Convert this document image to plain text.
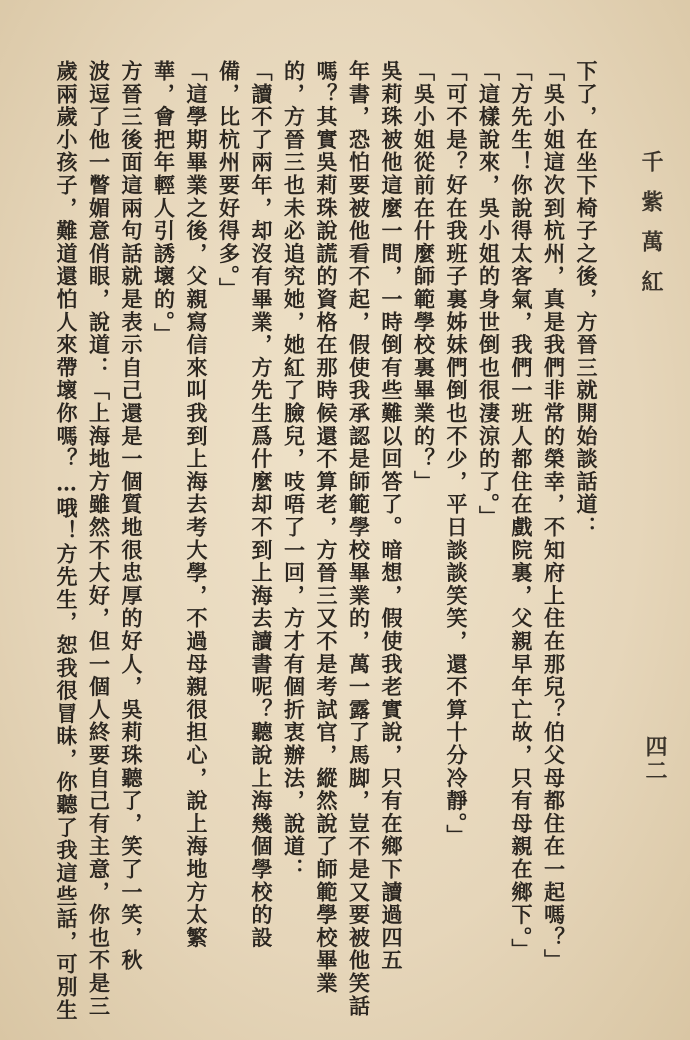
千紫萬紅
四二
下了，在坐下椅子之後，方晉三就開始談話道：
「吳小姐這次到杭州，真是我們非常的榮幸，不知府上住在那兒？伯父母都住在一起嗎？」
「方先生！你說得太客氣，我們一班人都住在戲院裏，父親早年亡故，只有母親在鄉下。」
「這樣說來，吳小姐的身世倒也很淒涼的了。」
「可不是？好在我班子裏姊妹們倒也不少，平日談談笑笑，還不算十分冷靜。」
「吳小姐從前在什麼師範學校裏畢業的？」
吳莉珠被他這麼一問，一時倒有些難以回答了。暗想，假使我老實說，只有在鄉下讀過四五
年書，恐怕要被他看不起，假使我承認是師範學校畢業的，萬一露了馬脚，豈不是又要被他笑話
嗎？其實吳莉珠說謊的資格在那時候還不算老，方晉三又不是考試官，縱然說了師範學校畢業
的，方晉三也未必追究她，她紅了臉兒，吱唔了一回，方才有個折衷辦法，說道：
「讀不了兩年，却沒有畢業，方先生爲什麼却不到上海去讀書呢？聽說上海幾個學校的設
備，比杭州要好得多。」
「這學期畢業之後，父親寫信來叫我到上海去考大學，不過母親很担心，說上海地方太繁
華，會把年輕人引誘壞的。」
方晉三後面這兩句話就是表示自己還是一個質地很忠厚的好人，吳莉珠聽了，笑了一笑，秋
波逗了他一瞥媚意俏眼，說道：「上海地方雖然不大好，但一個人終要自己有主意，你也不是三
歲兩歲小孩子，難道還怕人來帶壞你嗎？…哦！方先生，恕我很冒昧，你聽了我這些話，可別生
